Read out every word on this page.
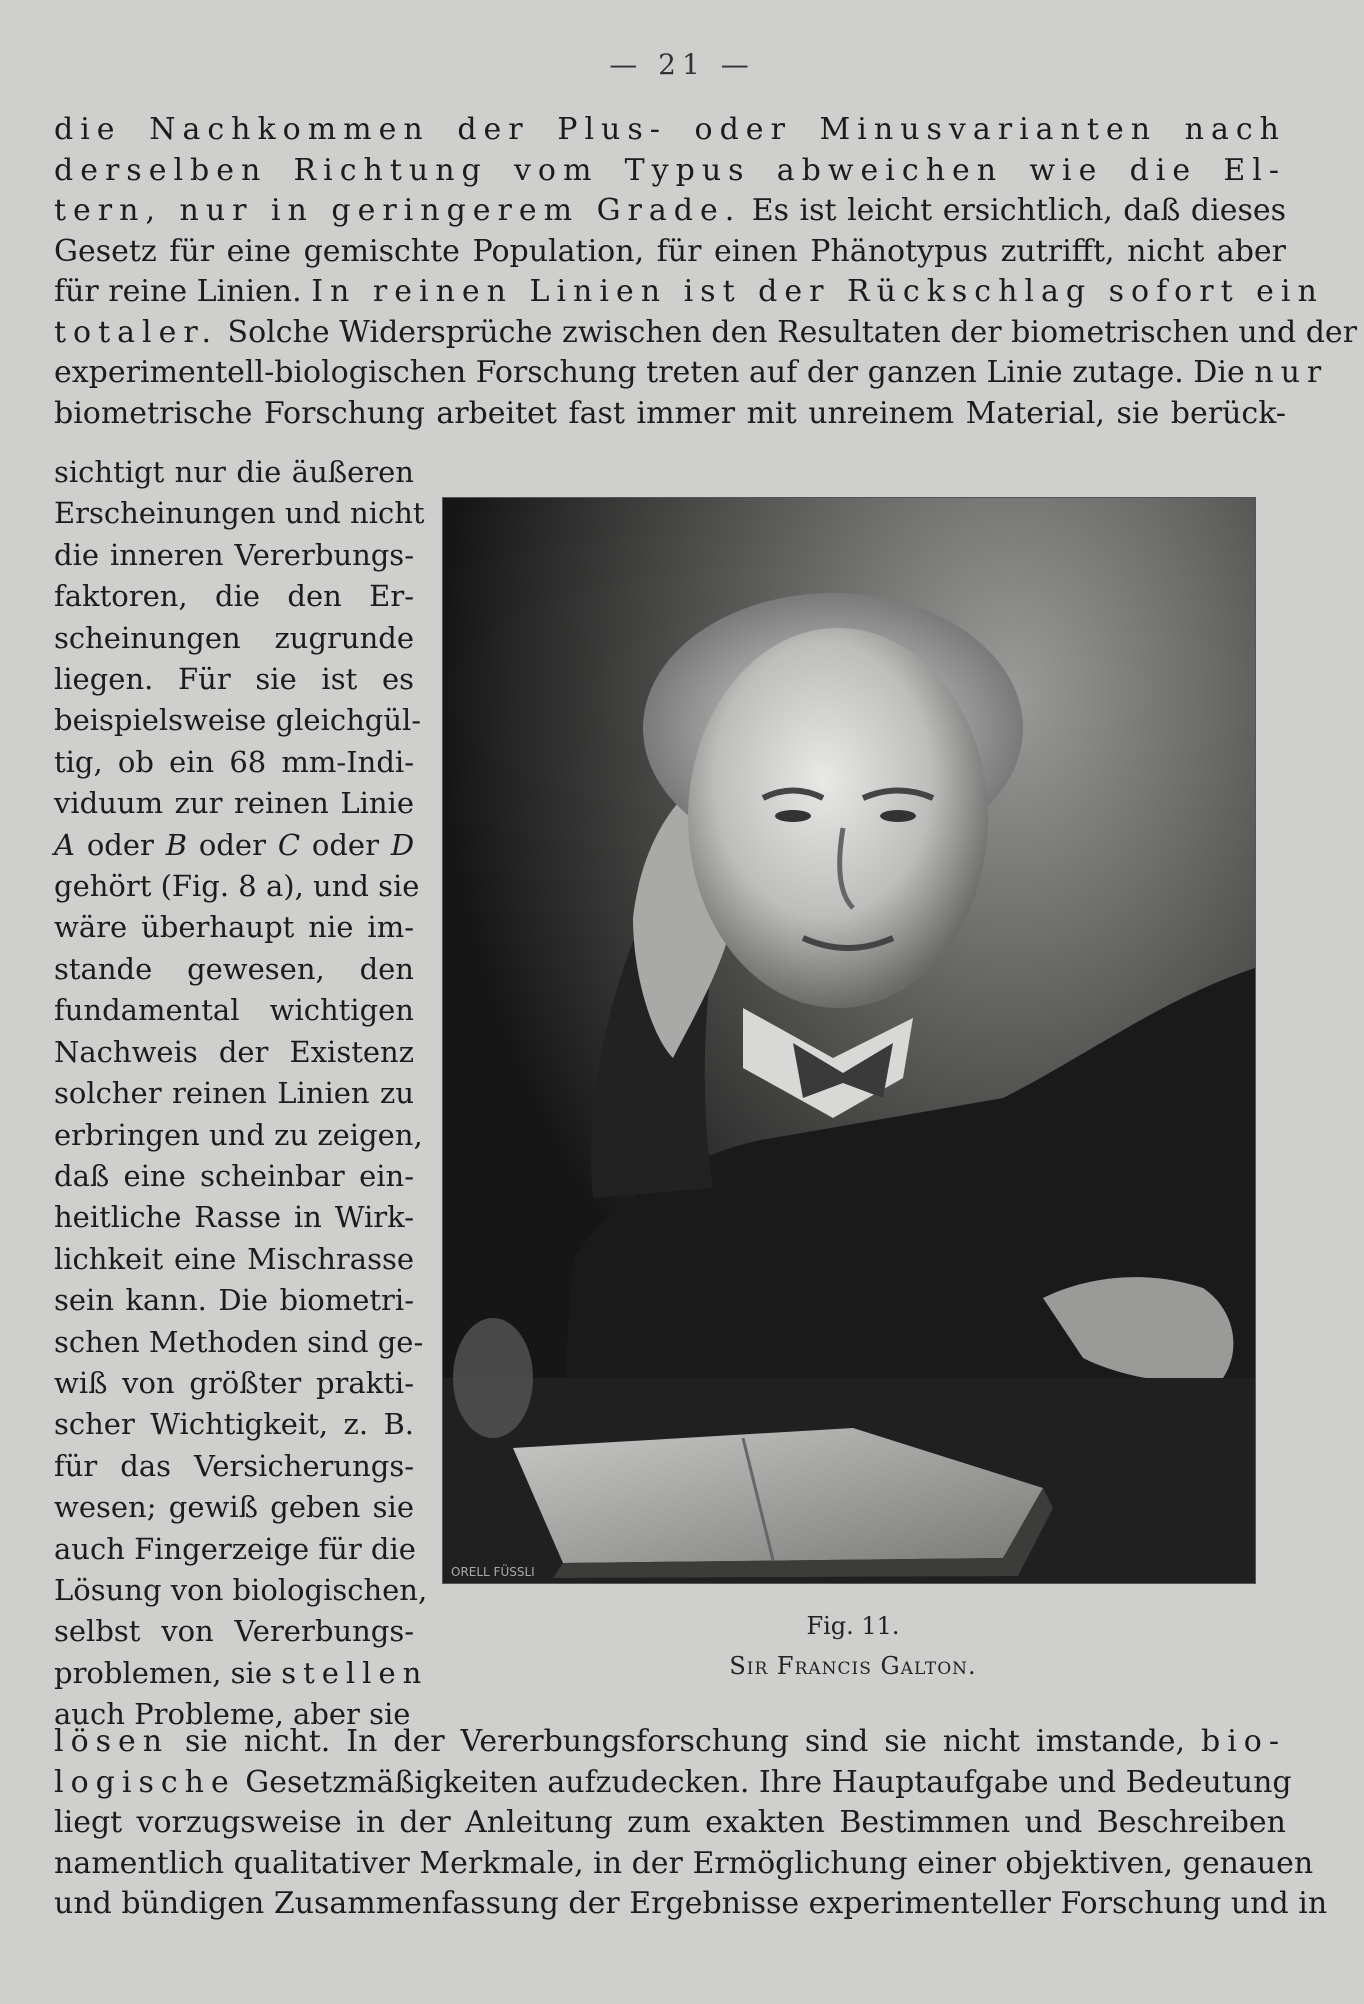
— 21 —
die Nachkommen der Plus- oder Minusvarianten nach
derselben Richtung vom Typus abweichen wie die El-
tern, nur in geringerem Grade. Es ist leicht ersichtlich, daß dieses
Gesetz für eine gemischte Population, für einen Phänotypus zutrifft, nicht aber
für reine Linien. In reinen Linien ist der Rückschlag sofort ein
totaler. Solche Widersprüche zwischen den Resultaten der biometrischen und der
experimentell-biologischen Forschung treten auf der ganzen Linie zutage. Die nur
biometrische Forschung arbeitet fast immer mit unreinem Material, sie berück-
sichtigt nur die äußeren
Erscheinungen und nicht
die inneren Vererbungs-
faktoren, die den Er-
scheinungen zugrunde
liegen. Für sie ist es
beispielsweise gleichgül-
tig, ob ein 68 mm-Indi-
viduum zur reinen Linie
A oder B oder C oder D
gehört (Fig. 8 a), und sie
wäre überhaupt nie im-
stande gewesen, den
fundamental wichtigen
Nachweis der Existenz
solcher reinen Linien zu
erbringen und zu zeigen,
daß eine scheinbar ein-
heitliche Rasse in Wirk-
lichkeit eine Mischrasse
sein kann. Die biometri-
schen Methoden sind ge-
wiß von größter prakti-
scher Wichtigkeit, z. B.
für das Versicherungs-
wesen; gewiß geben sie
auch Fingerzeige für die
Lösung von biologischen,
selbst von Vererbungs-
problemen, sie stellen
auch Probleme, aber sie
ORELL FÜSSLI
Fig. 11.
Sir Francis Galton.
lösen sie nicht. In der Vererbungsforschung sind sie nicht imstande, bio-
logische Gesetzmäßigkeiten aufzudecken. Ihre Hauptaufgabe und Bedeutung
liegt vorzugsweise in der Anleitung zum exakten Bestimmen und Beschreiben
namentlich qualitativer Merkmale, in der Ermöglichung einer objektiven, genauen
und bündigen Zusammenfassung der Ergebnisse experimenteller Forschung und in
